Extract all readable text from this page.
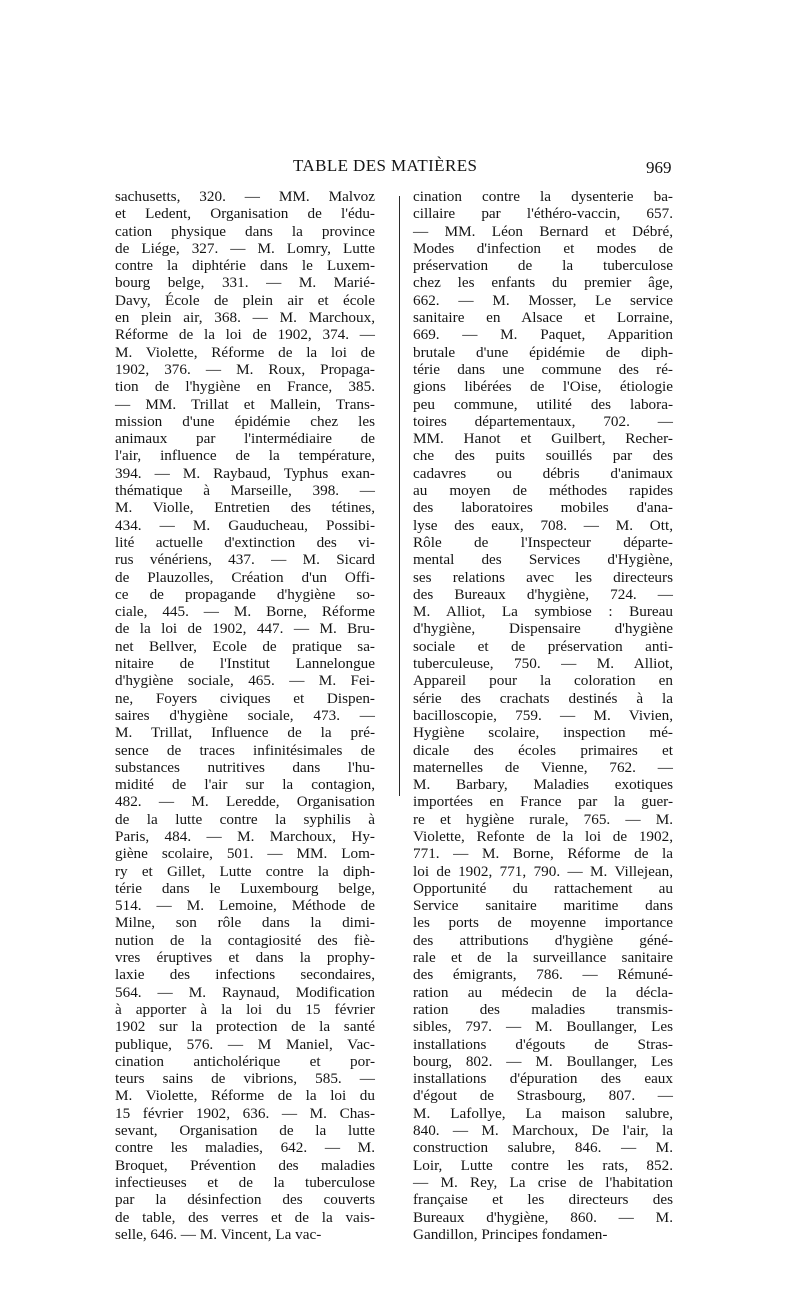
TABLE DES MATIÈRES	969
sachusetts, 320. — MM. Malvoz
et Ledent, Organisation de l'édu-
cation physique dans la province
de Liége, 327. — M. Lomry, Lutte
contre la diphtérie dans le Luxem-
bourg belge, 331. — M. Marié-
Davy, École de plein air et école
en plein air, 368. — M. Marchoux,
Réforme de la loi de 1902, 374. —
M. Violette, Réforme de la loi de
1902, 376. — M. Roux, Propaga-
tion de l'hygiène en France, 385.
— MM. Trillat et Mallein, Trans-
mission d'une épidémie chez les
animaux par l'intermédiaire de
l'air, influence de la température,
394. — M. Raybaud, Typhus exan-
thématique à Marseille, 398. —
M. Violle, Entretien des tétines,
434. — M. Gauducheau, Possibi-
lité actuelle d'extinction des vi-
rus vénériens, 437. — M. Sicard
de Plauzolles, Création d'un Offi-
ce de propagande d'hygiène so-
ciale, 445. — M. Borne, Réforme
de la loi de 1902, 447. — M. Bru-
net Bellver, Ecole de pratique sa-
nitaire de l'Institut Lannelongue
d'hygiène sociale, 465. — M. Fei-
ne, Foyers civiques et Dispen-
saires d'hygiène sociale, 473. —
M. Trillat, Influence de la pré-
sence de traces infinitésimales de
substances nutritives dans l'hu-
midité de l'air sur la contagion,
482. — M. Leredde, Organisation
de la lutte contre la syphilis à
Paris, 484. — M. Marchoux, Hy-
giène scolaire, 501. — MM. Lom-
ry et Gillet, Lutte contre la diph-
térie dans le Luxembourg belge,
514. — M. Lemoine, Méthode de
Milne, son rôle dans la dimi-
nution de la contagiosité des fiè-
vres éruptives et dans la prophy-
laxie des infections secondaires,
564. — M. Raynaud, Modification
à apporter à la loi du 15 février
1902 sur la protection de la santé
publique, 576. — M Maniel, Vac-
cination anticholérique et por-
teurs sains de vibrions, 585. —
M. Violette, Réforme de la loi du
15 février 1902, 636. — M. Chas-
sevant, Organisation de la lutte
contre les maladies, 642. — M.
Broquet, Prévention des maladies
infectieuses et de la tuberculose
par la désinfection des couverts
de table, des verres et de la vais-
selle, 646. — M. Vincent, La vac-
cination contre la dysenterie ba-
cillaire par l'éthéro-vaccin, 657.
— MM. Léon Bernard et Débré,
Modes d'infection et modes de
préservation de la tuberculose
chez les enfants du premier âge,
662. — M. Mosser, Le service
sanitaire en Alsace et Lorraine,
669. — M. Paquet, Apparition
brutale d'une épidémie de diph-
térie dans une commune des ré-
gions libérées de l'Oise, étiologie
peu commune, utilité des labora-
toires départementaux, 702. —
MM. Hanot et Guilbert, Recher-
che des puits souillés par des
cadavres ou débris d'animaux
au moyen de méthodes rapides
des laboratoires mobiles d'ana-
lyse des eaux, 708. — M. Ott,
Rôle de l'Inspecteur départe-
mental des Services d'Hygiène,
ses relations avec les directeurs
des Bureaux d'hygiène, 724. —
M. Alliot, La symbiose : Bureau
d'hygiène, Dispensaire d'hygiène
sociale et de préservation anti-
tuberculeuse, 750. — M. Alliot,
Appareil pour la coloration en
série des crachats destinés à la
bacilloscopie, 759. — M. Vivien,
Hygiène scolaire, inspection mé-
dicale des écoles primaires et
maternelles de Vienne, 762. —
M. Barbary, Maladies exotiques
importées en France par la guer-
re et hygiène rurale, 765. — M.
Violette, Refonte de la loi de 1902,
771. — M. Borne, Réforme de la
loi de 1902, 771, 790. — M. Villejean,
Opportunité du rattachement au
Service sanitaire maritime dans
les ports de moyenne importance
des attributions d'hygiène géné-
rale et de la surveillance sanitaire
des émigrants, 786. — Rémuné-
ration au médecin de la décla-
ration des maladies transmis-
sibles, 797. — M. Boullanger, Les
installations d'égouts de Stras-
bourg, 802. — M. Boullanger, Les
installations d'épuration des eaux
d'égout de Strasbourg, 807. —
M. Lafollye, La maison salubre,
840. — M. Marchoux, De l'air, la
construction salubre, 846. — M.
Loir, Lutte contre les rats, 852.
— M. Rey, La crise de l'habitation
française et les directeurs des
Bureaux d'hygiène, 860. — M.
Gandillon, Principes fondamen-
